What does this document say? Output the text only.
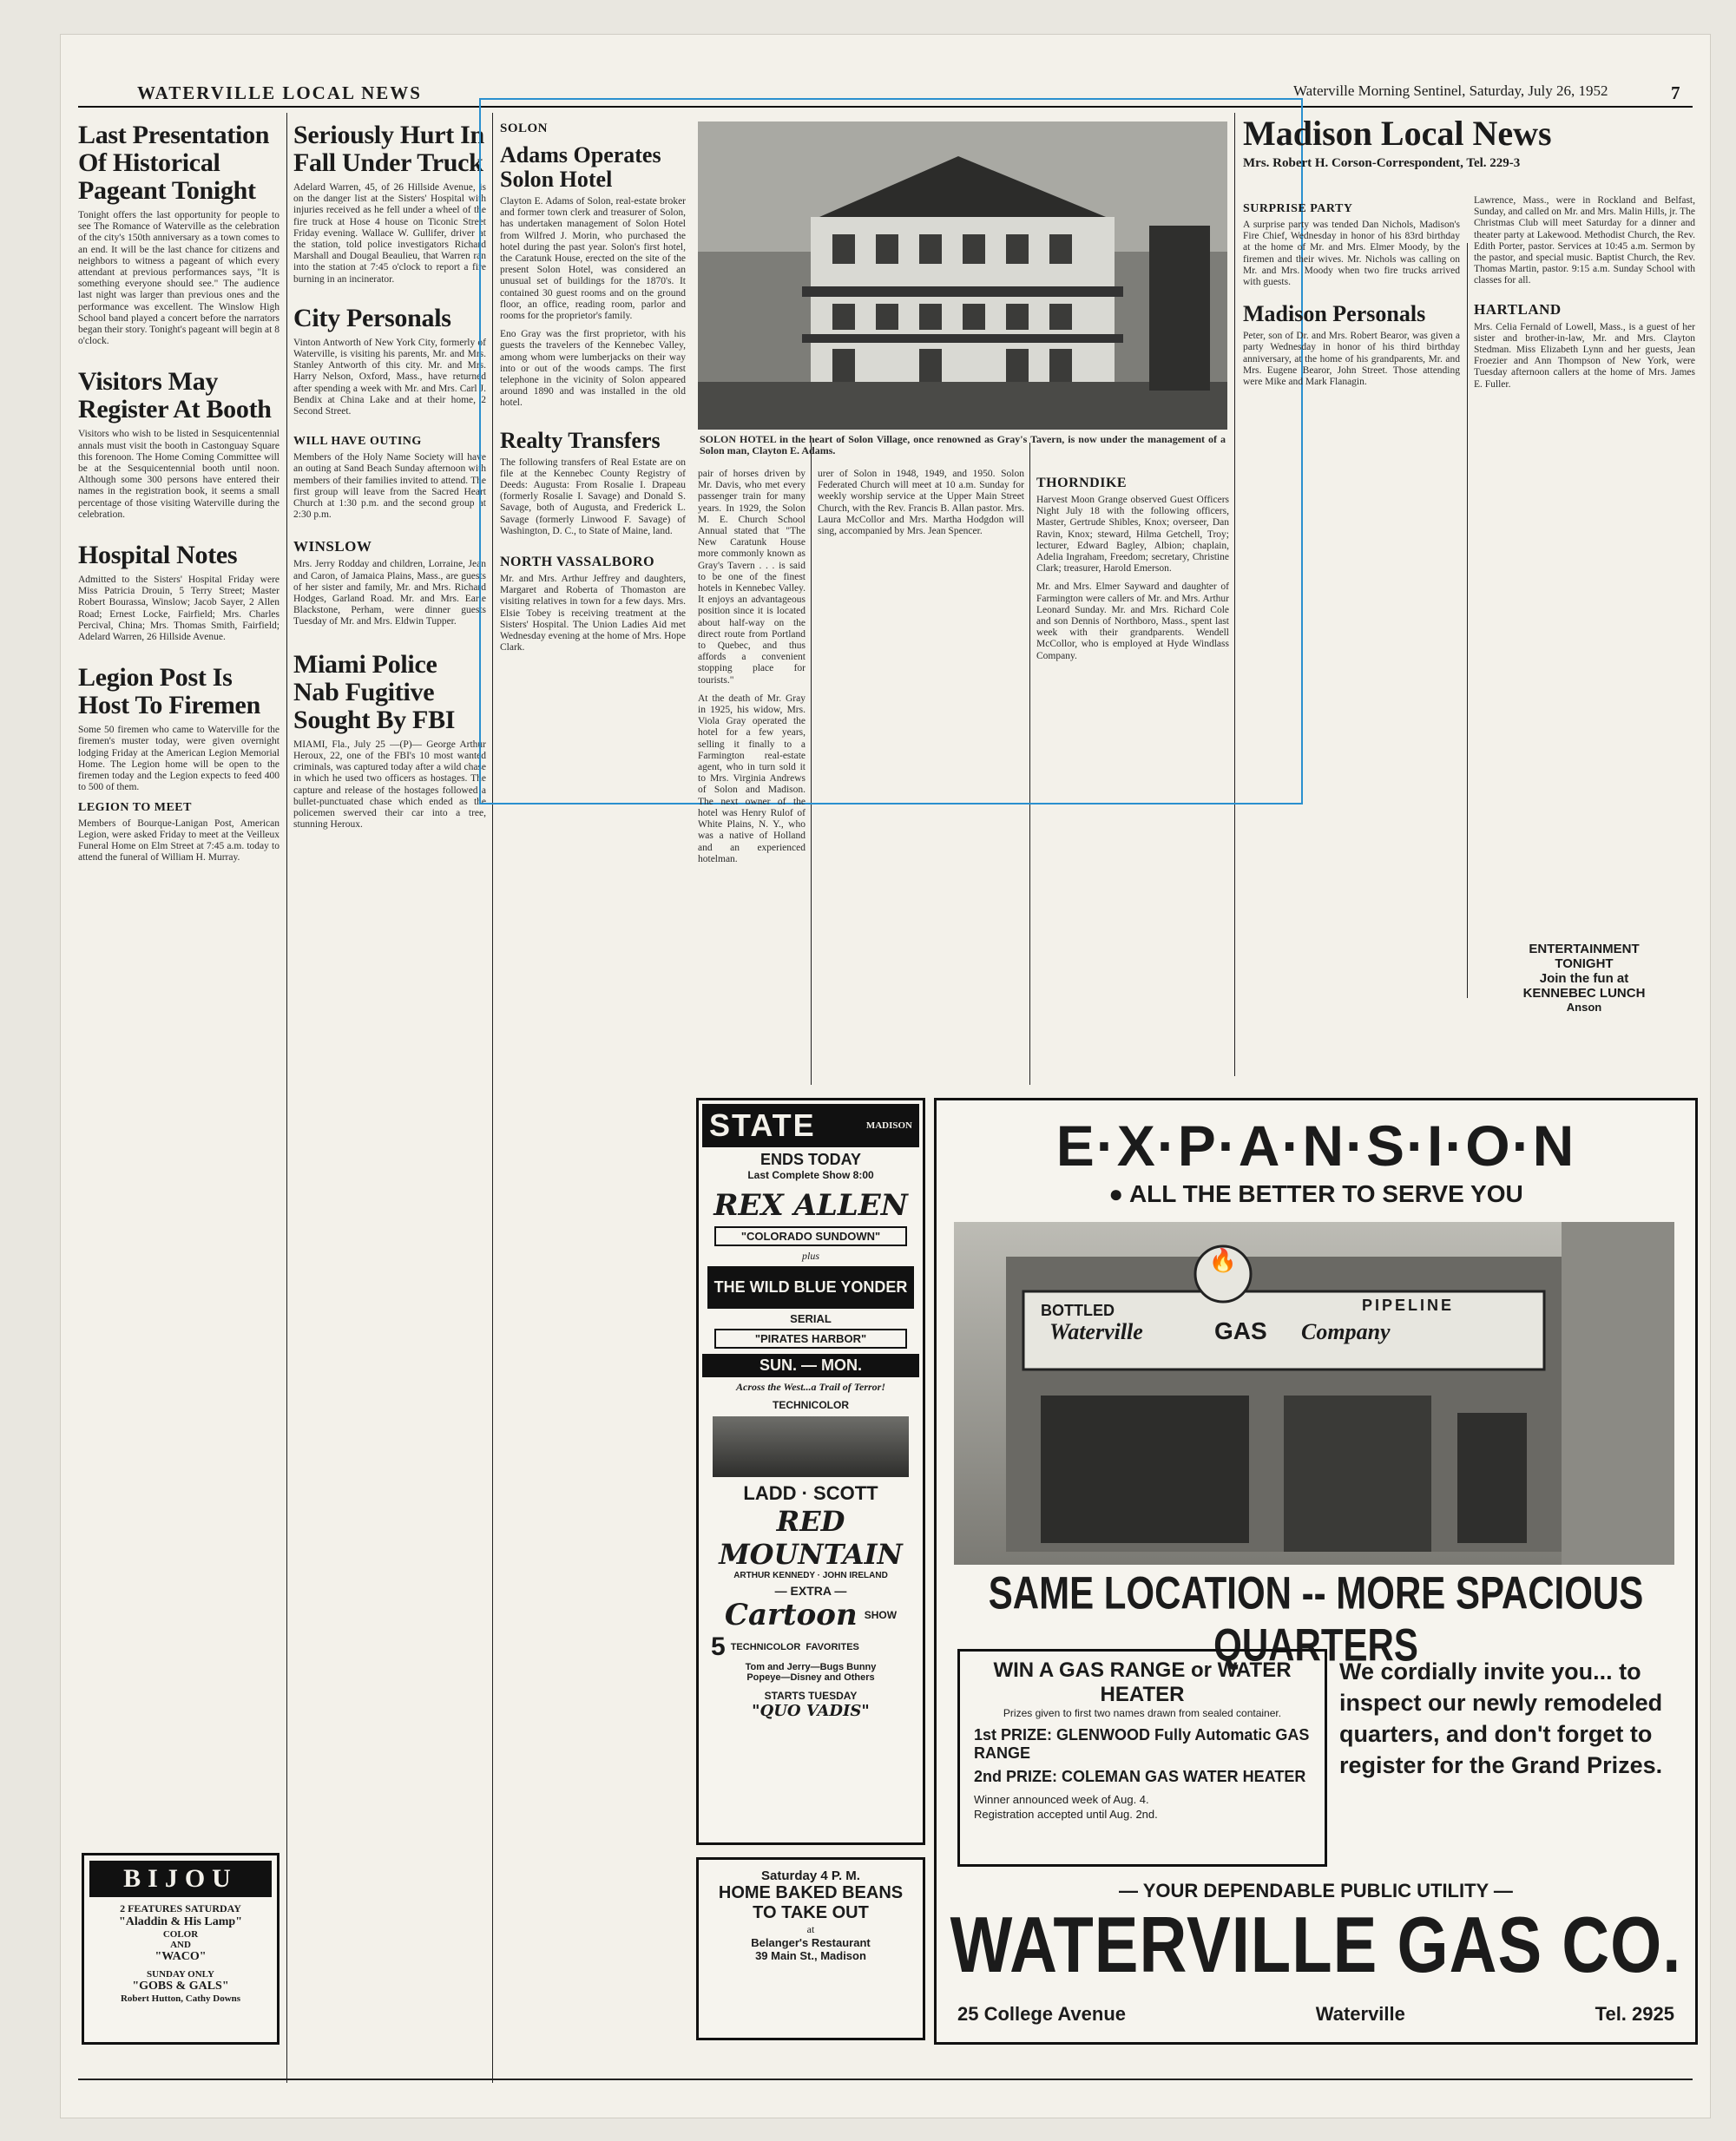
WATERVILLE LOCAL NEWS	Waterville Morning Sentinel, Saturday, July 26, 1952	7
Last Presentation Of Historical Pageant Tonight

Tonight offers the last opportunity for people to see The Romance of Waterville as the celebration of the city's 150th anniversary as a town comes to an end. It will be the last chance for citizens and neighbors to witness a pageant of which every attendant at previous performances says, "It is something everyone should see." The audience last night was larger than previous ones and the performance was excellent. The Winslow High School band played a concert before the narrators began their story. Tonight's pageant will begin at 8 o'clock.

Visitors May Register At Booth

Visitors who wish to be listed in Sesquicentennial annals must visit the booth in Castonguay Square this forenoon. The Home Coming Committee will be at the Sesquicentennial booth until noon. Although some 300 persons have entered their names in the registration book, it seems a small percentage of those visiting Waterville during the celebration.

Hospital Notes

Admitted to the Sisters' Hospital Friday were Miss Patricia Drouin, 5 Terry Street; Master Robert Bourassa, Winslow; Jacob Sayer, 2 Allen Road; Ernest Locke, Fairfield; Mrs. Charles Percival, China; Mrs. Thomas Smith, Fairfield; Adelard Warren, 26 Hillside Avenue.

Legion Post Is Host To Firemen

Some 50 firemen who came to Waterville for the firemen's muster today, were given overnight lodging Friday at the American Legion Memorial Home. The Legion home will be open to the firemen today and the Legion expects to feed 400 to 500 of them.

LEGION TO MEET

Members of Bourque-Lanigan Post, American Legion, were asked Friday to meet at the Veilleux Funeral Home on Elm Street at 7:45 a.m. today to attend the funeral of William H. Murray.

BIJOU
2 FEATURES SATURDAY
"Aladdin & His Lamp"
COLOR
AND
"WACO"
SUNDAY ONLY
"GOBS & GALS"
Robert Hutton, Cathy Downs
Seriously Hurt In Fall Under Truck

Adelard Warren, 45, of 26 Hillside Avenue, is on the danger list at the Sisters' Hospital with injuries received as he fell under a wheel of the fire truck at Hose 4 house on Ticonic Street Friday evening. Wallace W. Gullifer, driver at the station, told police investigators Richard Marshall and Dougal Beaulieu, that Warren ran into the station at 7:45 o'clock to report a fire burning in an incinerator.

City Personals

Vinton Antworth of New York City, formerly of Waterville, is visiting his parents, Mr. and Mrs. Stanley Antworth of this city. Mr. and Mrs. Harry Nelson, Oxford, Mass., have returned after spending a week with Mr. and Mrs. Carl J. Bendix at China Lake and at their home, 2 Second Street.

WILL HAVE OUTING

Members of the Holy Name Society will have an outing at Sand Beach Sunday afternoon with members of their families invited to attend. The first group will leave from the Sacred Heart Church at 1:30 p.m. and the second group at 2:30 p.m.

WINSLOW

Mrs. Jerry Rodday and children, Lorraine, Jean and Caron, of Jamaica Plains, Mass., are guests of her sister and family, Mr. and Mrs. Richard Hodges, Garland Road. Mr. and Mrs. Earle Blackstone, Perham, were dinner guests Tuesday of Mr. and Mrs. Eldwin Tupper.

Miami Police Nab Fugitive Sought By FBI

MIAMI, Fla., July 25 —(P)— George Arthur Heroux, 22, one of the FBI's 10 most wanted criminals, was captured today after a wild chase in which he used two officers as hostages. The capture and release of the hostages followed a bullet-punctuated chase which ended as the policemen swerved their car into a tree, stunning Heroux.

SOLON
Adams Operates Solon Hotel

Clayton E. Adams of Solon, real-estate broker and former town clerk and treasurer of Solon, has undertaken management of Solon Hotel from Wilfred J. Morin, who purchased the hotel during the past year. Solon's first hotel, the Caratunk House, erected on the site of the present Solon Hotel, was considered an unusual set of buildings for the 1870's. It contained 30 guest rooms and on the ground floor, an office, reading room, parlor and rooms for the proprietor's family.

Eno Gray was the first proprietor, with his guests the travelers of the Kennebec Valley, among whom were lumberjacks on their way into or out of the woods camps. The first telephone in the vicinity of Solon appeared around 1890 and was installed in the old hotel.

Realty Transfers

The following transfers of Real Estate are on file at the Kennebec County Registry of Deeds: Augusta: From Rosalie I. Drapeau (formerly Rosalie I. Savage) and Donald S. Savage, both of Augusta, and Frederick L. Savage (formerly Linwood F. Savage) of Washington, D. C., to State of Maine, land.

NORTH VASSALBORO

Mr. and Mrs. Arthur Jeffrey and daughters, Margaret and Roberta of Thomaston are visiting relatives in town for a few days. Mrs. Elsie Tobey is receiving treatment at the Sisters' Hospital. The Union Ladies Aid met Wednesday evening at the home of Mrs. Hope Clark.

SOLON HOTEL in the heart of Solon Village, once renowned as Gray's Tavern, is now under the management of a Solon man, Clayton E. Adams.

pair of horses driven by Mr. Davis, who met every passenger train for many years. In 1929, the Solon M. E. Church School Annual stated that "The New Caratunk House more commonly known as Gray's Tavern . . . is said to be one of the finest hotels in Kennebec Valley. It enjoys an advantageous position since it is located about half-way on the direct route from Portland to Quebec, and thus affords a convenient stopping place for tourists."

At the death of Mr. Gray in 1925, his widow, Mrs. Viola Gray operated the hotel for a few years, selling it finally to a Farmington real-estate agent, who in turn sold it to Mrs. Virginia Andrews of Solon and Madison. The next owner of the hotel was Henry Rulof of White Plains, N. Y., who was a native of Holland and an experienced hotelman.

urer of Solon in 1948, 1949, and 1950. Solon Federated Church will meet at 10 a.m. Sunday for weekly worship service at the Upper Main Street Church, with the Rev. Francis B. Allan pastor. Mrs. Laura McCollor and Mrs. Martha Hodgdon will sing, accompanied by Mrs. Jean Spencer.

THORNDIKE

Harvest Moon Grange observed Guest Officers Night July 18 with the following officers, Master, Gertrude Shibles, Knox; overseer, Dan Ravin, Knox; steward, Hilma Getchell, Troy; lecturer, Edward Bagley, Albion; chaplain, Adelia Ingraham, Freedom; secretary, Christine Clark; treasurer, Harold Emerson.

Mr. and Mrs. Elmer Sayward and daughter of Farmington were callers of Mr. and Mrs. Arthur Leonard Sunday. Mr. and Mrs. Richard Cole and son Dennis of Northboro, Mass., spent last week with their grandparents. Wendell McCollor, who is employed at Hyde Windlass Company.

Madison Local News
Mrs. Robert H. Corson-Correspondent, Tel. 229-3
SURPRISE PARTY

A surprise party was tended Dan Nichols, Madison's Fire Chief, Wednesday in honor of his 83rd birthday at the home of Mr. and Mrs. Elmer Moody, by the firemen and their wives. Mr. Nichols was calling on Mr. and Mrs. Moody when two fire trucks arrived with guests.

Madison Personals

Peter, son of Dr. and Mrs. Robert Bearor, was given a party Wednesday in honor of his third birthday anniversary, at the home of his grandparents, Mr. and Mrs. Eugene Bearor, John Street. Those attending were Mike and Mark Flanagin.

Lawrence, Mass., were in Rockland and Belfast, Sunday, and called on Mr. and Mrs. Malin Hills, jr. The Christmas Club will meet Saturday for a dinner and theater party at Lakewood. Methodist Church, the Rev. Edith Porter, pastor. Services at 10:45 a.m. Sermon by the pastor, and special music. Baptist Church, the Rev. Thomas Martin, pastor. 9:15 a.m. Sunday School with classes for all.

HARTLAND

Mrs. Celia Fernald of Lowell, Mass., is a guest of her sister and brother-in-law, Mr. and Mrs. Clayton Stedman. Miss Elizabeth Lynn and her guests, Jean Froezier and Ann Thompson of New York, were Tuesday afternoon callers at the home of Mrs. James E. Fuller.

ENTERTAINMENT
TONIGHT
Join the fun at
KENNEBEC LUNCH
Anson
STATE	MADISON
ENDS TODAY
Last Complete Show 8:00
REX ALLEN
"COLORADO SUNDOWN"
plus
THE WILD BLUE YONDER
SERIAL
"PIRATES HARBOR"
SUN. — MON.
Across the West...a Trail of Terror!
TECHNICOLOR
LADD · SCOTT
RED MOUNTAIN
ARTHUR KENNEDY · JOHN IRELAND
— EXTRA —
Cartoon SHOW
5 TECHNICOLOR FAVORITES
Tom and Jerry—Bugs Bunny
Popeye—Disney and Others
STARTS TUESDAY
"QUO VADIS"
Saturday 4 P. M.
HOME BAKED BEANS
TO TAKE OUT
at
Belanger's Restaurant
39 Main St., Madison
E·X·P·A·N·S·I·O·N
● ALL THE BETTER TO SERVE YOU
BOTTLED
Waterville	GAS Company
PIPELINE
🔥
SAME LOCATION -- MORE SPACIOUS QUARTERS
WIN A GAS RANGE or WATER HEATER
Prizes given to first two names drawn from sealed container.
1st PRIZE: GLENWOOD Fully Automatic GAS RANGE
2nd PRIZE: COLEMAN GAS WATER HEATER
Winner announced week of Aug. 4.
Registration accepted until Aug. 2nd.
We cordially invite you... to inspect our newly remodeled quarters, and don't forget to register for the Grand Prizes.
— YOUR DEPENDABLE PUBLIC UTILITY —
WATERVILLE GAS CO.
25 College Avenue	Waterville	Tel. 2925
